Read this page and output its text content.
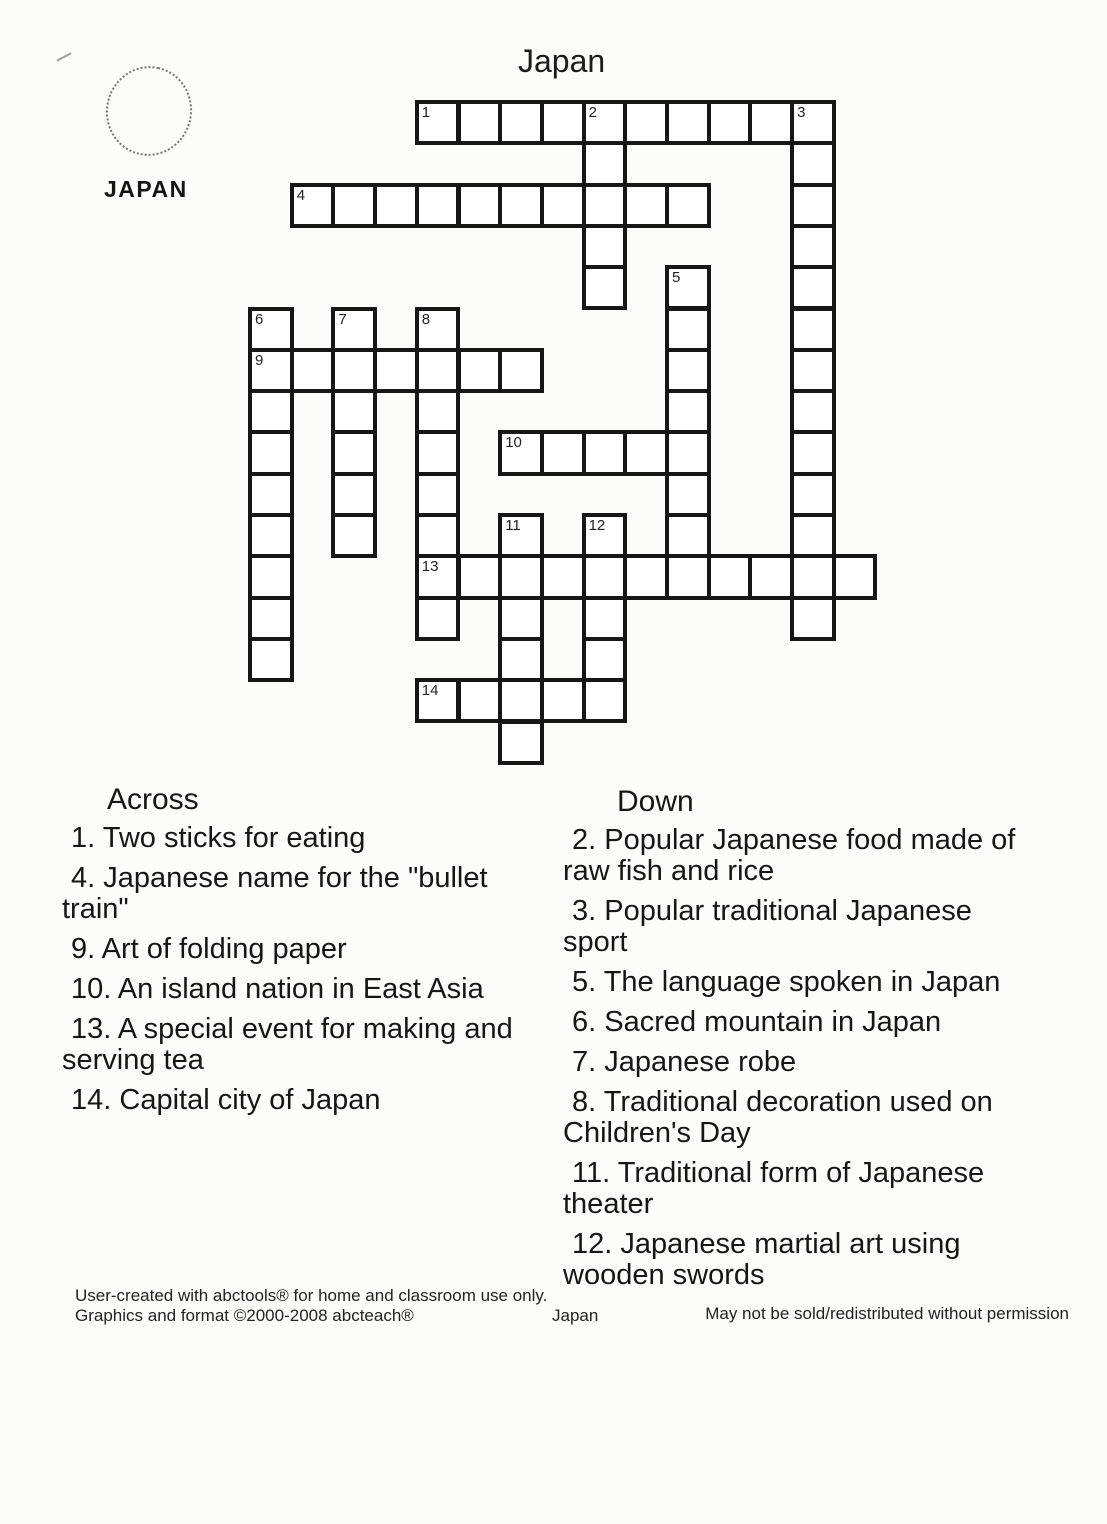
Japan
JAPAN
1	2	3
4
5
6	7	8
9
10
11	12
13
14
Across

1. Two sticks for eating

4. Japanese name for the "bullet train"

9. Art of folding paper

10. An island nation in East Asia

13. A special event for making and serving tea

14. Capital city of Japan

Down

2. Popular Japanese food made of raw fish and rice

3. Popular traditional Japanese sport

5. The language spoken in Japan

6. Sacred mountain in Japan

7. Japanese robe

8. Traditional decoration used on Children's Day

11. Traditional form of Japanese theater

12. Japanese martial art using wooden swords

User-created with abctools® for home and classroom use only.
Graphics and format ©2000-2008 abcteach®	Japan	May not be sold/redistributed without permission
